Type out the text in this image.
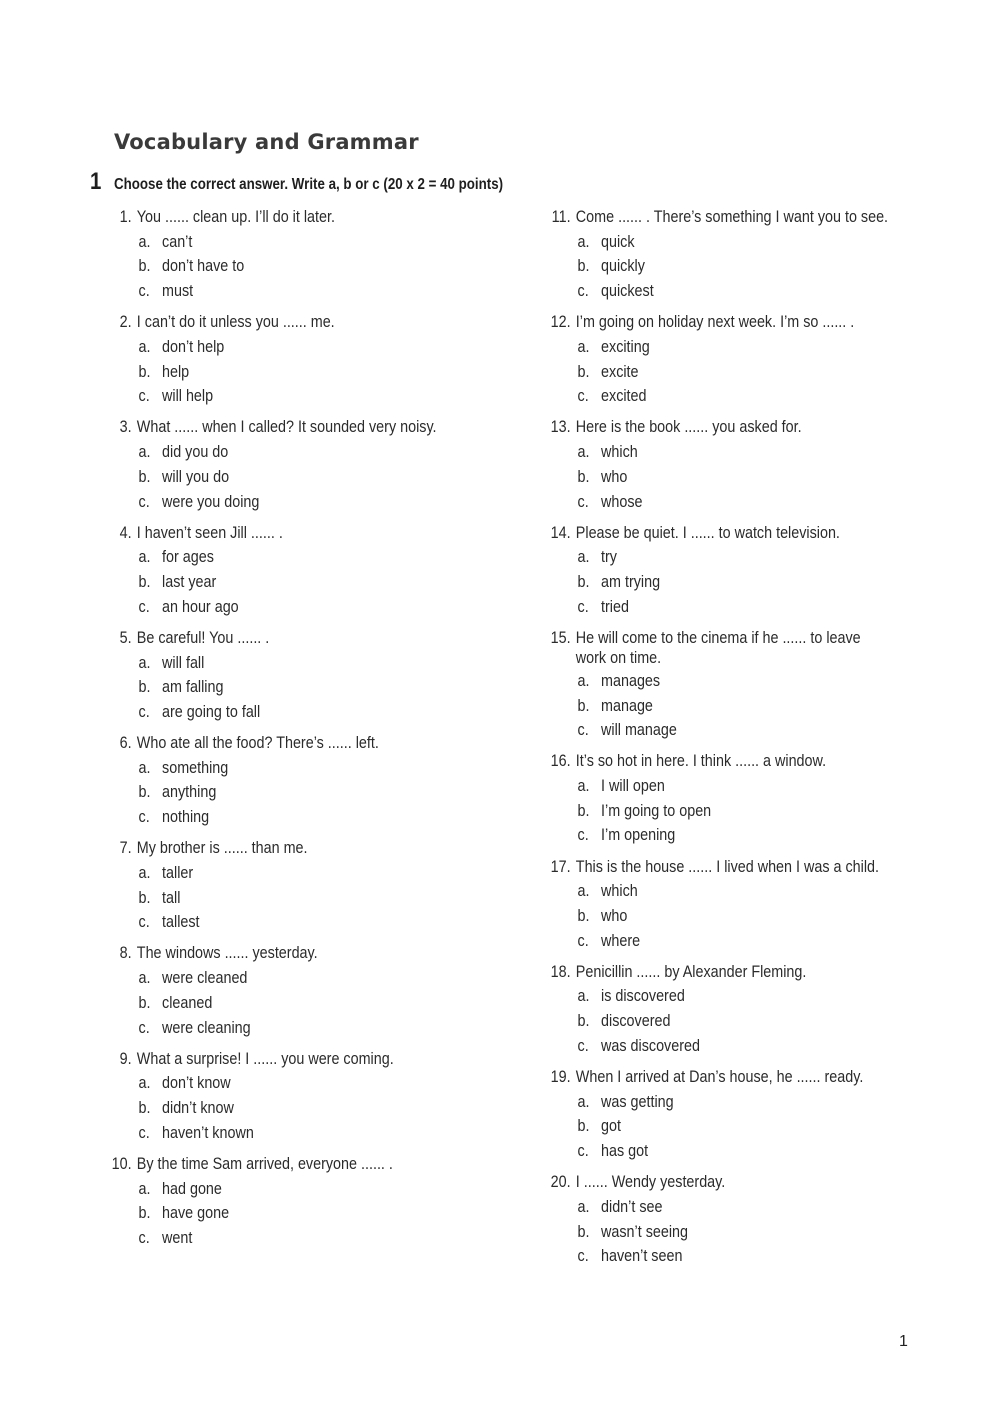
Vocabulary and Grammar
1 Choose the correct answer. Write a, b or c (20 x 2 = 40 points)
1. You ...... clean up. I’ll do it later.
a. can’t
b. don’t have to
c. must
2. I can’t do it unless you ...... me.
a. don’t help
b. help
c. will help
3. What ...... when I called? It sounded very noisy.
a. did you do
b. will you do
c. were you doing
4. I haven’t seen Jill ...... .
a. for ages
b. last year
c. an hour ago
5. Be careful! You ...... .
a. will fall
b. am falling
c. are going to fall
6. Who ate all the food? There’s ...... left.
a. something
b. anything
c. nothing
7. My brother is ...... than me.
a. taller
b. tall
c. tallest
8. The windows ...... yesterday.
a. were cleaned
b. cleaned
c. were cleaning
9. What a surprise! I ...... you were coming.
a. don’t know
b. didn’t know
c. haven’t known
10. By the time Sam arrived, everyone ...... .
a. had gone
b. have gone
c. went
11. Come ...... . There’s something I want you to see.
a. quick
b. quickly
c. quickest
12. I’m going on holiday next week. I’m so ...... .
a. exciting
b. excite
c. excited
13. Here is the book ...... you asked for.
a. which
b. who
c. whose
14. Please be quiet. I ...... to watch television.
a. try
b. am trying
c. tried
15. He will come to the cinema if he ...... to leave
work on time.
a. manages
b. manage
c. will manage
16. It’s so hot in here. I think ...... a window.
a. I will open
b. I’m going to open
c. I’m opening
17. This is the house ...... I lived when I was a child.
a. which
b. who
c. where
18. Penicillin ...... by Alexander Fleming.
a. is discovered
b. discovered
c. was discovered
19. When I arrived at Dan’s house, he ...... ready.
a. was getting
b. got
c. has got
20. I ...... Wendy yesterday.
a. didn’t see
b. wasn’t seeing
c. haven’t seen
1
